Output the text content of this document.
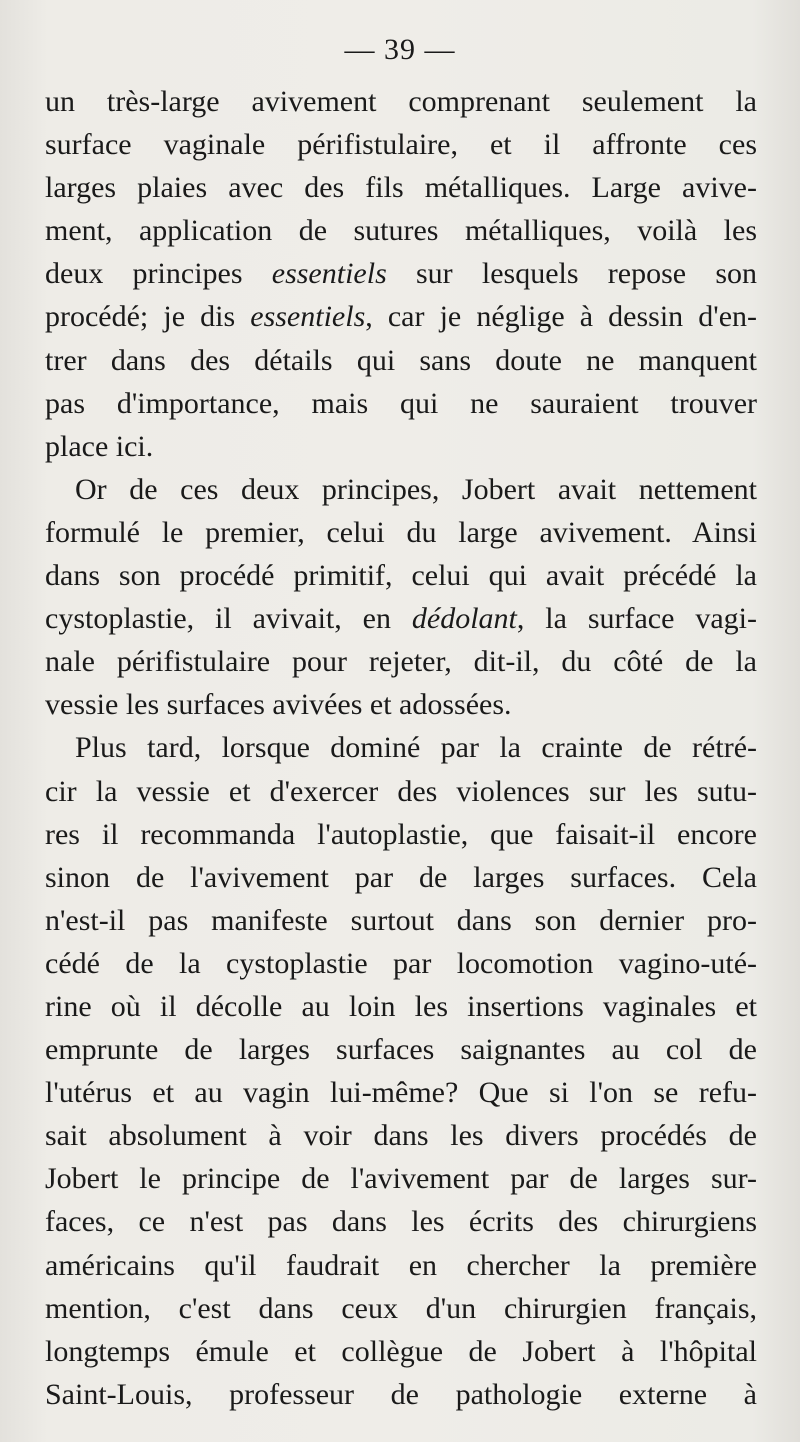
— 39 —
un très-large avivement comprenant seulement la
surface vaginale périfistulaire, et il affronte ces
larges plaies avec des fils métalliques. Large avive-
ment, application de sutures métalliques, voilà les
deux principes essentiels sur lesquels repose son
procédé; je dis essentiels, car je néglige à dessin d'en-
trer dans des détails qui sans doute ne manquent
pas d'importance, mais qui ne sauraient trouver
place ici.
Or de ces deux principes, Jobert avait nettement
formulé le premier, celui du large avivement. Ainsi
dans son procédé primitif, celui qui avait précédé la
cystoplastie, il avivait, en dédolant, la surface vagi-
nale périfistulaire pour rejeter, dit-il, du côté de la
vessie les surfaces avivées et adossées.
Plus tard, lorsque dominé par la crainte de rétré-
cir la vessie et d'exercer des violences sur les sutu-
res il recommanda l'autoplastie, que faisait-il encore
sinon de l'avivement par de larges surfaces. Cela
n'est-il pas manifeste surtout dans son dernier pro-
cédé de la cystoplastie par locomotion vagino-uté-
rine où il décolle au loin les insertions vaginales et
emprunte de larges surfaces saignantes au col de
l'utérus et au vagin lui-même? Que si l'on se refu-
sait absolument à voir dans les divers procédés de
Jobert le principe de l'avivement par de larges sur-
faces, ce n'est pas dans les écrits des chirurgiens
américains qu'il faudrait en chercher la première
mention, c'est dans ceux d'un chirurgien français,
longtemps émule et collègue de Jobert à l'hôpital
Saint-Louis, professeur de pathologie externe à
